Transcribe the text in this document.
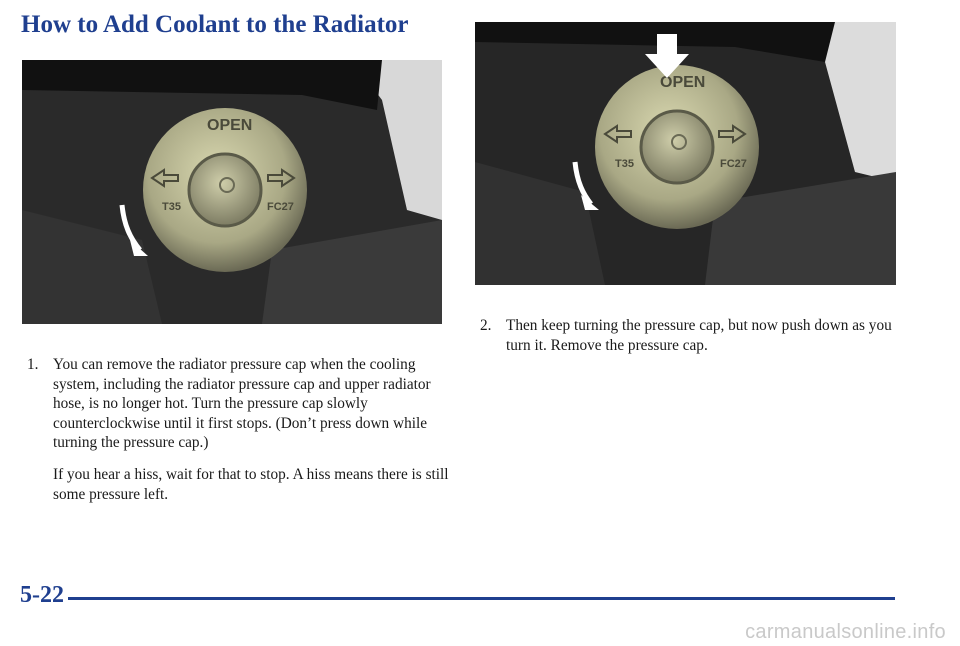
How to Add Coolant to the Radiator
OPEN
FC27
T35
OPEN
FC27
T35
2. Then keep turning the pressure cap, but now push down as you turn it. Remove the pressure cap.
1. You can remove the radiator pressure cap when the cooling system, including the radiator pressure cap and upper radiator hose, is no longer hot. Turn the pressure cap slowly counterclockwise until it first stops. (Don’t press down while turning the pressure cap.)
If you hear a hiss, wait for that to stop. A hiss means there is still some pressure left.
5-22
carmanualsonline.info
